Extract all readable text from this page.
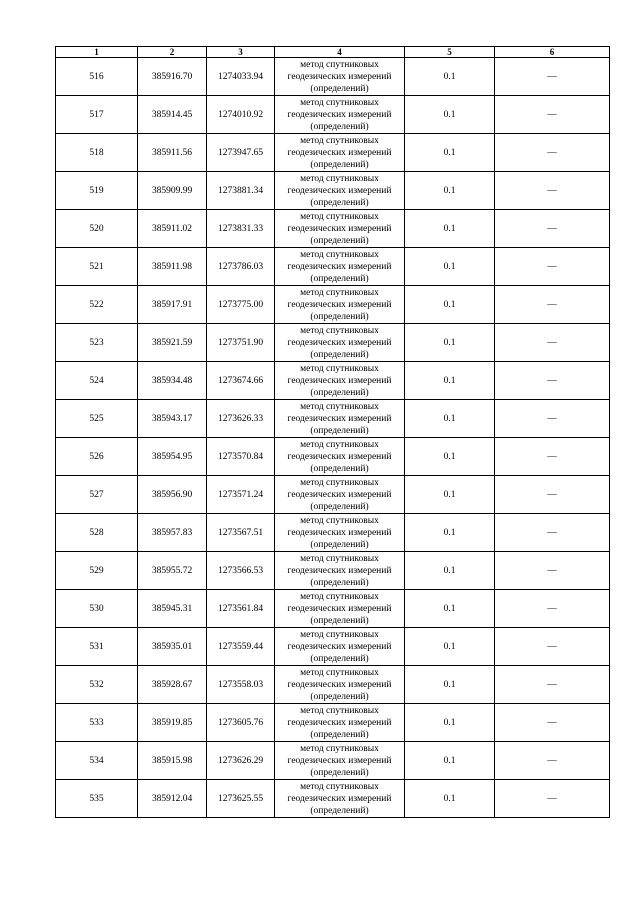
1	2	3	4	5	6
516	385916.70	1274033.94	метод спутниковых
геодезических измерений
(определений)	0.1	—
517	385914.45	1274010.92	метод спутниковых
геодезических измерений
(определений)	0.1	—
518	385911.56	1273947.65	метод спутниковых
геодезических измерений
(определений)	0.1	—
519	385909.99	1273881.34	метод спутниковых
геодезических измерений
(определений)	0.1	—
520	385911.02	1273831.33	метод спутниковых
геодезических измерений
(определений)	0.1	—
521	385911.98	1273786.03	метод спутниковых
геодезических измерений
(определений)	0.1	—
522	385917.91	1273775.00	метод спутниковых
геодезических измерений
(определений)	0.1	—
523	385921.59	1273751.90	метод спутниковых
геодезических измерений
(определений)	0.1	—
524	385934.48	1273674.66	метод спутниковых
геодезических измерений
(определений)	0.1	—
525	385943.17	1273626.33	метод спутниковых
геодезических измерений
(определений)	0.1	—
526	385954.95	1273570.84	метод спутниковых
геодезических измерений
(определений)	0.1	—
527	385956.90	1273571.24	метод спутниковых
геодезических измерений
(определений)	0.1	—
528	385957.83	1273567.51	метод спутниковых
геодезических измерений
(определений)	0.1	—
529	385955.72	1273566.53	метод спутниковых
геодезических измерений
(определений)	0.1	—
530	385945.31	1273561.84	метод спутниковых
геодезических измерений
(определений)	0.1	—
531	385935.01	1273559.44	метод спутниковых
геодезических измерений
(определений)	0.1	—
532	385928.67	1273558.03	метод спутниковых
геодезических измерений
(определений)	0.1	—
533	385919.85	1273605.76	метод спутниковых
геодезических измерений
(определений)	0.1	—
534	385915.98	1273626.29	метод спутниковых
геодезических измерений
(определений)	0.1	—
535	385912.04	1273625.55	метод спутниковых
геодезических измерений
(определений)	0.1	—
